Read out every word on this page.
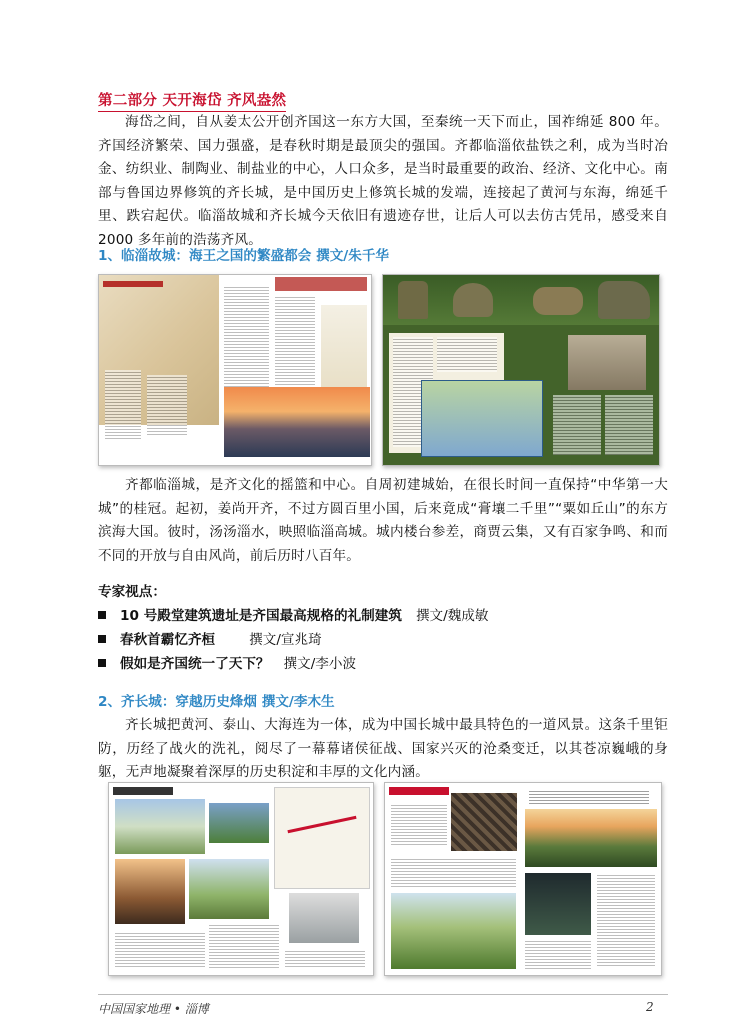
第二部分 天开海岱 齐风盎然
海岱之间，自从姜太公开创齐国这一东方大国，至秦统一天下而止，国祚绵延 800 年。齐国经济繁荣、国力强盛，是春秋时期是最顶尖的强国。齐都临淄依盐铁之利，成为当时冶金、纺织业、制陶业、制盐业的中心，人口众多，是当时最重要的政治、经济、文化中心。南部与鲁国边界修筑的齐长城，是中国历史上修筑长城的发端，连接起了黄河与东海，绵延千里、跌宕起伏。临淄故城和齐长城今天依旧有遗迹存世，让后人可以去仿古凭吊，感受来自 2000 多年前的浩荡齐风。
1、临淄故城：海王之国的繁盛都会 撰文/朱千华
齐都临淄城，是齐文化的摇篮和中心。自周初建城始，在很长时间一直保持“中华第一大城”的桂冠。起初，姜尚开齐，不过方圆百里小国，后来竟成“膏壤二千里”“粟如丘山”的东方滨海大国。彼时，汤汤淄水，映照临淄高城。城内楼台参差，商贾云集，又有百家争鸣、和而不同的开放与自由风尚，前后历时八百年。
专家视点：
10 号殿堂建筑遗址是齐国最高规格的礼制建筑 撰文/魏成敏
春秋首霸忆齐桓	撰文/宣兆琦
假如是齐国统一了天下？ 撰文/李小波
2、齐长城：穿越历史烽烟 撰文/李木生
齐长城把黄河、泰山、大海连为一体，成为中国长城中最具特色的一道风景。这条千里钜防，历经了战火的洗礼，阅尽了一幕幕诸侯征战、国家兴灭的沧桑变迁，以其苍凉巍峨的身躯，无声地凝聚着深厚的历史积淀和丰厚的文化内涵。
中国国家地理 • 淄博	2
